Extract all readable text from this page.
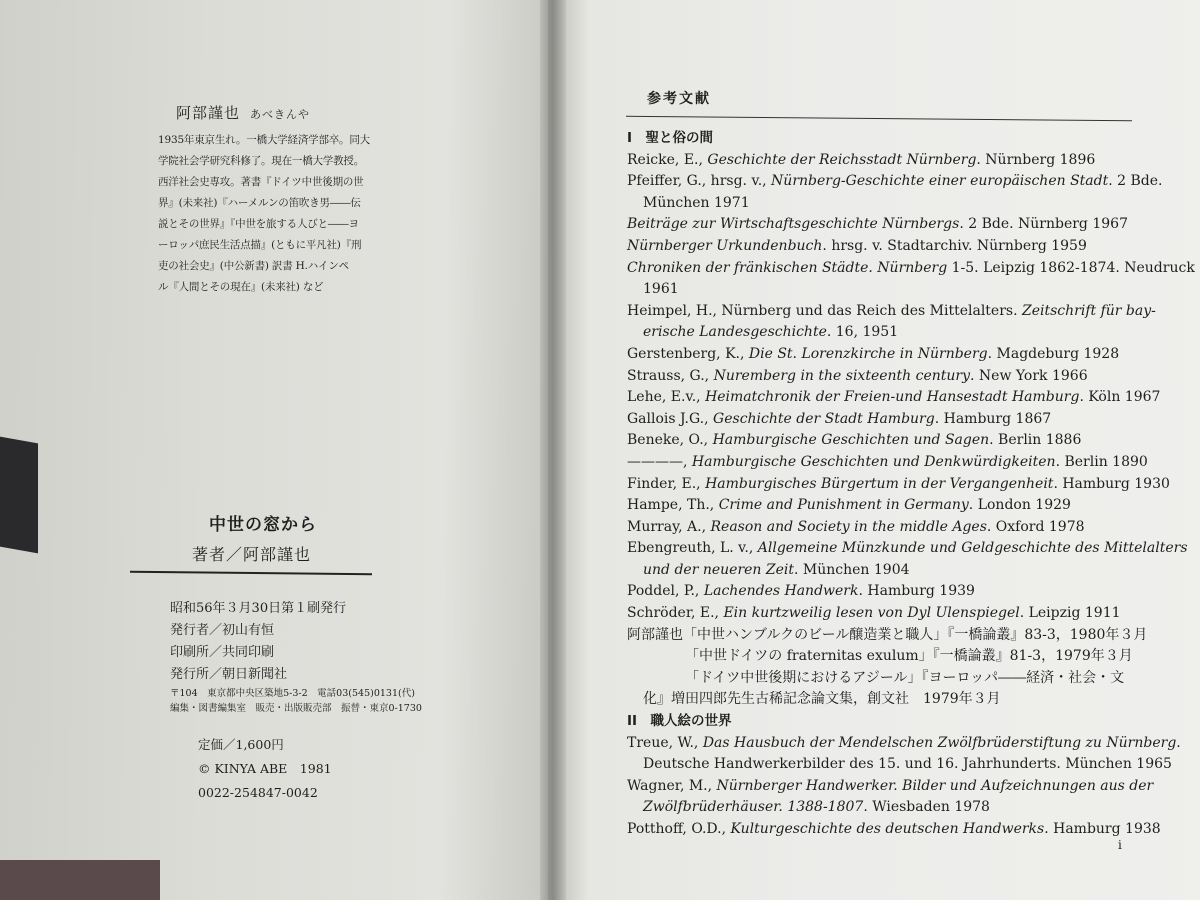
阿部謹也 あべきんや
1935年東京生れ。一橋大学経済学部卒。同大
学院社会学研究科修了。現在一橋大学教授。
西洋社会史専攻。著書『ドイツ中世後期の世
界』(未来社)『ハーメルンの笛吹き男――伝
説とその世界』『中世を旅する人びと――ヨ
ーロッパ庶民生活点描』(ともに平凡社)『刑
吏の社会史』(中公新書) 訳書 H.ハインペ
ル『人間とその現在』(未来社) など
中世の窓から
著者／阿部謹也
昭和56年３月30日第１刷発行
発行者／初山有恒
印刷所／共同印刷
発行所／朝日新聞社
〒104　東京都中央区築地5-3-2　電話03(545)0131(代)
編集・図書編集室　販売・出版販売部　振替・東京0-1730
定価／1,600円
© KINYA ABE　1981
0022-254847-0042
参考文献
I　聖と俗の間
Reicke, E., Geschichte der Reichsstadt Nürnberg. Nürnberg 1896
Pfeiffer, G., hrsg. v., Nürnberg-Geschichte einer europäischen Stadt. 2 Bde.
München 1971
Beiträge zur Wirtschaftsgeschichte Nürnbergs. 2 Bde. Nürnberg 1967
Nürnberger Urkundenbuch. hrsg. v. Stadtarchiv. Nürnberg 1959
Chroniken der fränkischen Städte. Nürnberg 1-5. Leipzig 1862-1874. Neudruck
1961
Heimpel, H., Nürnberg und das Reich des Mittelalters. Zeitschrift für bay-
erische Landesgeschichte. 16, 1951
Gerstenberg, K., Die St. Lorenzkirche in Nürnberg. Magdeburg 1928
Strauss, G., Nuremberg in the sixteenth century. New York 1966
Lehe, E.v., Heimatchronik der Freien-und Hansestadt Hamburg. Köln 1967
Gallois J.G., Geschichte der Stadt Hamburg. Hamburg 1867
Beneke, O., Hamburgische Geschichten und Sagen. Berlin 1886
————, Hamburgische Geschichten und Denkwürdigkeiten. Berlin 1890
Finder, E., Hamburgisches Bürgertum in der Vergangenheit. Hamburg 1930
Hampe, Th., Crime and Punishment in Germany. London 1929
Murray, A., Reason and Society in the middle Ages. Oxford 1978
Ebengreuth, L. v., Allgemeine Münzkunde und Geldgeschichte des Mittelalters
und der neueren Zeit. München 1904
Poddel, P., Lachendes Handwerk. Hamburg 1939
Schröder, E., Ein kurtzweilig lesen von Dyl Ulenspiegel. Leipzig 1911
阿部謹也「中世ハンブルクのビール醸造業と職人」『一橋論叢』83-3，1980年３月
「中世ドイツの fraternitas exulum」『一橋論叢』81-3，1979年３月
「ドイツ中世後期におけるアジール」『ヨーロッパ――経済・社会・文
化』増田四郎先生古稀記念論文集，創文社　1979年３月
II　職人絵の世界
Treue, W., Das Hausbuch der Mendelschen Zwölfbrüderstiftung zu Nürnberg.
Deutsche Handwerkerbilder des 15. und 16. Jahrhunderts. München 1965
Wagner, M., Nürnberger Handwerker. Bilder und Aufzeichnungen aus der
Zwölfbrüderhäuser. 1388-1807. Wiesbaden 1978
Potthoff, O.D., Kulturgeschichte des deutschen Handwerks. Hamburg 1938
i
